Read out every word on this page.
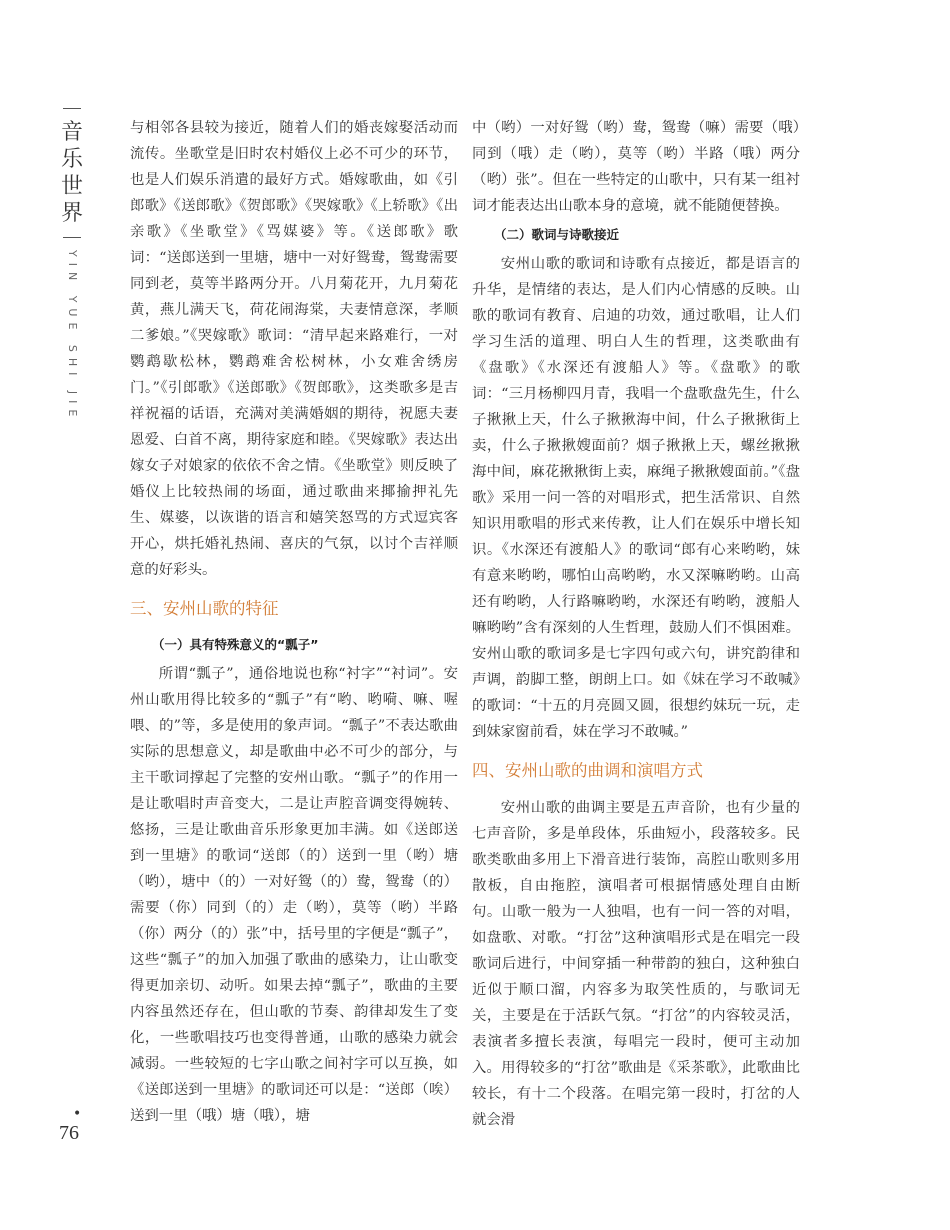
音乐世界
YIN YUE SHI JIE
•
76

与相邻各县较为接近，随着人们的婚丧嫁娶活动而流传。坐歌堂是旧时农村婚仪上必不可少的环节，也是人们娱乐消遣的最好方式。婚嫁歌曲，如《引郎歌》《送郎歌》《贺郎歌》《哭嫁歌》《上轿歌》《出亲歌》《坐歌堂》《骂媒婆》等。《送郎歌》歌词：“送郎送到一里塘，塘中一对好鸳鸯，鸳鸯需要同到老，莫等半路两分开。八月菊花开，九月菊花黄，燕儿满天飞，荷花闹海棠，夫妻情意深，孝顺二爹娘。”《哭嫁歌》歌词：“清早起来路难行，一对鹦鹉歇松林，鹦鹉难舍松树林，小女难舍绣房门。”《引郎歌》《送郎歌》《贺郎歌》，这类歌多是吉祥祝福的话语，充满对美满婚姻的期待，祝愿夫妻恩爱、白首不离，期待家庭和睦。《哭嫁歌》表达出嫁女子对娘家的依依不舍之情。《坐歌堂》则反映了婚仪上比较热闹的场面，通过歌曲来揶揄押礼先生、媒婆，以诙谐的语言和嬉笑怒骂的方式逗宾客开心，烘托婚礼热闹、喜庆的气氛，以讨个吉祥顺意的好彩头。

三、安州山歌的特征
（一）具有特殊意义的“瓢子”

所谓“瓢子”，通俗地说也称“衬字”“衬词”。安州山歌用得比较多的“瓢子”有“哟、哟嗬、嘛、喔喂、的”等，多是使用的象声词。“瓢子”不表达歌曲实际的思想意义，却是歌曲中必不可少的部分，与主干歌词撑起了完整的安州山歌。“瓢子”的作用一是让歌唱时声音变大，二是让声腔音调变得婉转、悠扬，三是让歌曲音乐形象更加丰满。如《送郎送到一里塘》的歌词“送郎（的）送到一里（哟）塘（哟），塘中（的）一对好鸳（的）鸯，鸳鸯（的）需要（你）同到（的）走（哟），莫等（哟）半路（你）两分（的）张”中，括号里的字便是“瓢子”，这些“瓢子”的加入加强了歌曲的感染力，让山歌变得更加亲切、动听。如果去掉“瓢子”，歌曲的主要内容虽然还存在，但山歌的节奏、韵律却发生了变化，一些歌唱技巧也变得普通，山歌的感染力就会减弱。一些较短的七字山歌之间衬字可以互换，如《送郎送到一里塘》的歌词还可以是：“送郎（唉）送到一里（哦）塘（哦），塘

中（哟）一对好鸳（哟）鸯，鸳鸯（嘛）需要（哦）同到（哦）走（哟），莫等（哟）半路（哦）两分（哟）张”。但在一些特定的山歌中，只有某一组衬词才能表达出山歌本身的意境，就不能随便替换。

（二）歌词与诗歌接近

安州山歌的歌词和诗歌有点接近，都是语言的升华，是情绪的表达，是人们内心情感的反映。山歌的歌词有教育、启迪的功效，通过歌唱，让人们学习生活的道理、明白人生的哲理，这类歌曲有《盘歌》《水深还有渡船人》等。《盘歌》的歌词：“三月杨柳四月青，我唱一个盘歌盘先生，什么子揪揪上天，什么子揪揪海中间，什么子揪揪街上卖，什么子揪揪嫂面前？烟子揪揪上天，螺丝揪揪海中间，麻花揪揪街上卖，麻绳子揪揪嫂面前。”《盘歌》采用一问一答的对唱形式，把生活常识、自然知识用歌唱的形式来传教，让人们在娱乐中增长知识。《水深还有渡船人》的歌词“郎有心来哟哟，妹有意来哟哟，哪怕山高哟哟，水又深嘛哟哟。山高还有哟哟，人行路嘛哟哟，水深还有哟哟，渡船人嘛哟哟”含有深刻的人生哲理，鼓励人们不惧困难。安州山歌的歌词多是七字四句或六句，讲究韵律和声调，韵脚工整，朗朗上口。如《妹在学习不敢喊》的歌词：“十五的月亮圆又圆，很想约妹玩一玩，走到妹家窗前看，妹在学习不敢喊。”

四、安州山歌的曲调和演唱方式

安州山歌的曲调主要是五声音阶，也有少量的七声音阶，多是单段体，乐曲短小，段落较多。民歌类歌曲多用上下滑音进行装饰，高腔山歌则多用散板，自由拖腔，演唱者可根据情感处理自由断句。山歌一般为一人独唱，也有一问一答的对唱，如盘歌、对歌。“打岔”这种演唱形式是在唱完一段歌词后进行，中间穿插一种带韵的独白，这种独白近似于顺口溜，内容多为取笑性质的，与歌词无关，主要是在于活跃气氛。“打岔”的内容较灵活，表演者多擅长表演，每唱完一段时，便可主动加入。用得较多的“打岔”歌曲是《采茶歌》，此歌曲比较长，有十二个段落。在唱完第一段时，打岔的人就会滑
